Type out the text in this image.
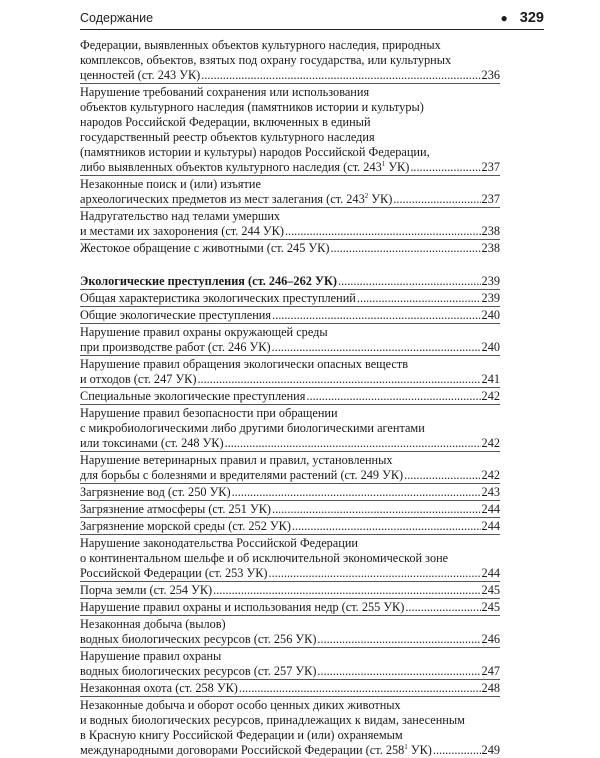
Содержание	● 329
Федерации, выявленных объектов культурного наследия, природных
комплексов, объектов, взятых под охрану государства, или культурных
ценностей (ст. 243 УК) .....	236
Нарушение требований сохранения или использования
объектов культурного наследия (памятников истории и культуры)
народов Российской Федерации, включенных в единый
государственный реестр объектов культурного наследия
(памятников истории и культуры) народов Российской Федерации,
либо выявленных объектов культурного наследия (ст. $243^1$ УК) .....	237
Незаконные поиск и (или) изъятие
археологических предметов из мест залегания (ст. $243^2$ УК) .....	237
Надругательство над телами умерших
и местами их захоронения (ст. 244 УК) .....	238
Жестокое обращение с животными (ст. 245 УК) .....	238
Экологические преступления (ст. 246–262 УК) .....	239
Общая характеристика экологических преступлений .....	239
Общие экологические преступления .....	240
Нарушение правил охраны окружающей среды
при производстве работ (ст. 246 УК) .....	240
Нарушение правил обращения экологически опасных веществ
и отходов (ст. 247 УК) .....	241
Специальные экологические преступления .....	242
Нарушение правил безопасности при обращении
с микробиологическими либо другими биологическими агентами
или токсинами (ст. 248 УК) .....	242
Нарушение ветеринарных правил и правил, установленных
для борьбы с болезнями и вредителями растений (ст. 249 УК) .....	242
Загрязнение вод (ст. 250 УК) .....	243
Загрязнение атмосферы (ст. 251 УК) .....	244
Загрязнение морской среды (ст. 252 УК) .....	244
Нарушение законодательства Российской Федерации
о континентальном шельфе и об исключительной экономической зоне
Российской Федерации (ст. 253 УК) .....	244
Порча земли (ст. 254 УК) .....	245
Нарушение правил охраны и использования недр (ст. 255 УК) .....	245
Незаконная добыча (вылов)
водных биологических ресурсов (ст. 256 УК) .....	246
Нарушение правил охраны
водных биологических ресурсов (ст. 257 УК) .....	247
Незаконная охота (ст. 258 УК) .....	248
Незаконные добыча и оборот особо ценных диких животных
и водных биологических ресурсов, принадлежащих к видам, занесенным
в Красную книгу Российской Федерации и (или) охраняемым
международными договорами Российской Федерации (ст. $258^1$ УК) .....	249
